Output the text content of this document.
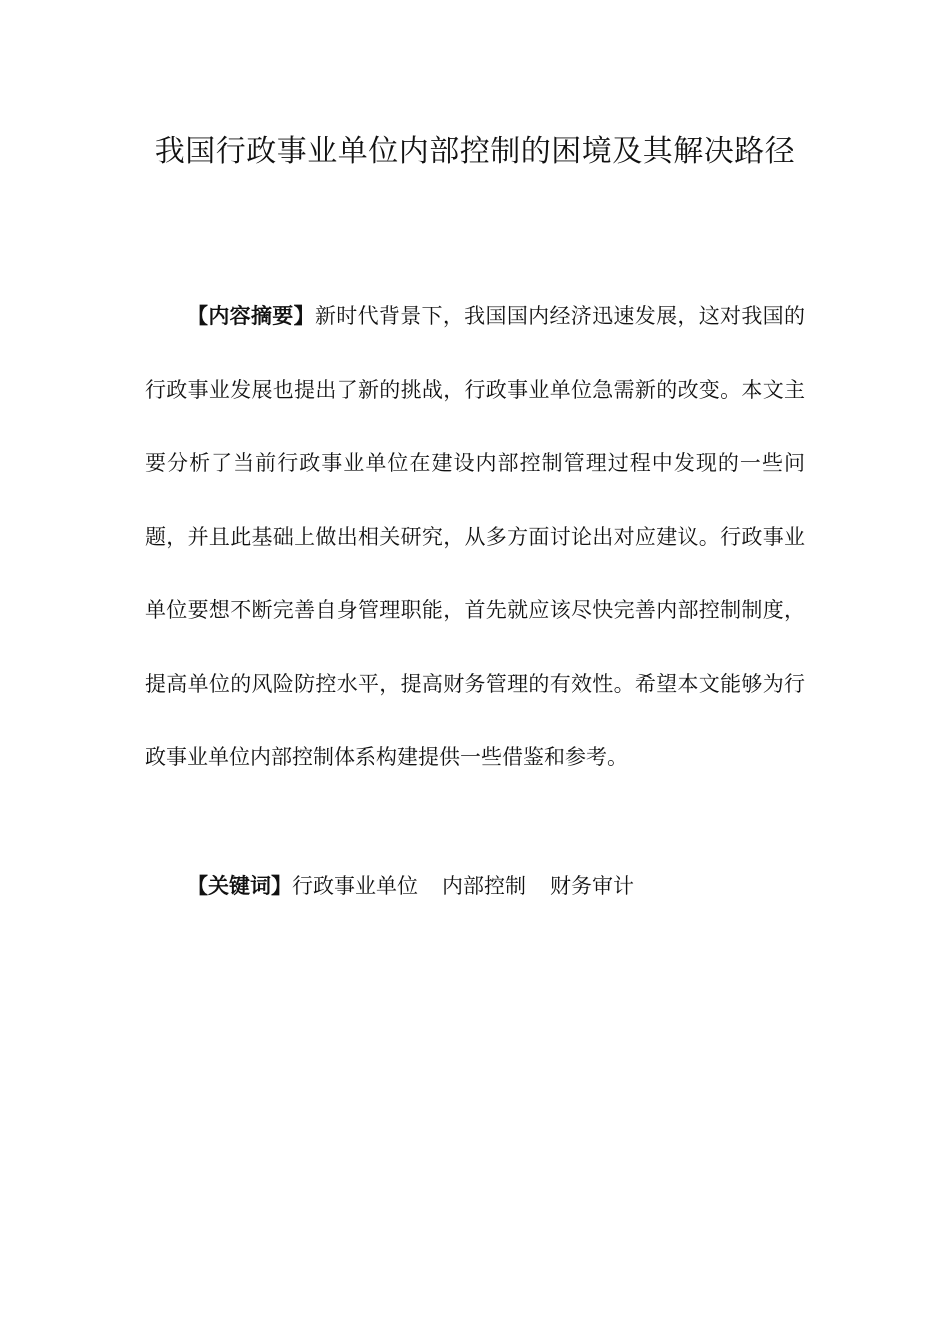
我国行政事业单位内部控制的困境及其解决路径

【内容摘要】新时代背景下，我国国内经济迅速发展，这对我国的行政事业发展也提出了新的挑战，行政事业单位急需新的改变。本文主要分析了当前行政事业单位在建设内部控制管理过程中发现的一些问题，并且此基础上做出相关研究，从多方面讨论出对应建议。行政事业单位要想不断完善自身管理职能，首先就应该尽快完善内部控制制度，提高单位的风险防控水平，提高财务管理的有效性。希望本文能够为行政事业单位内部控制体系构建提供一些借鉴和参考。

【关键词】行政事业单位 内部控制 财务审计
